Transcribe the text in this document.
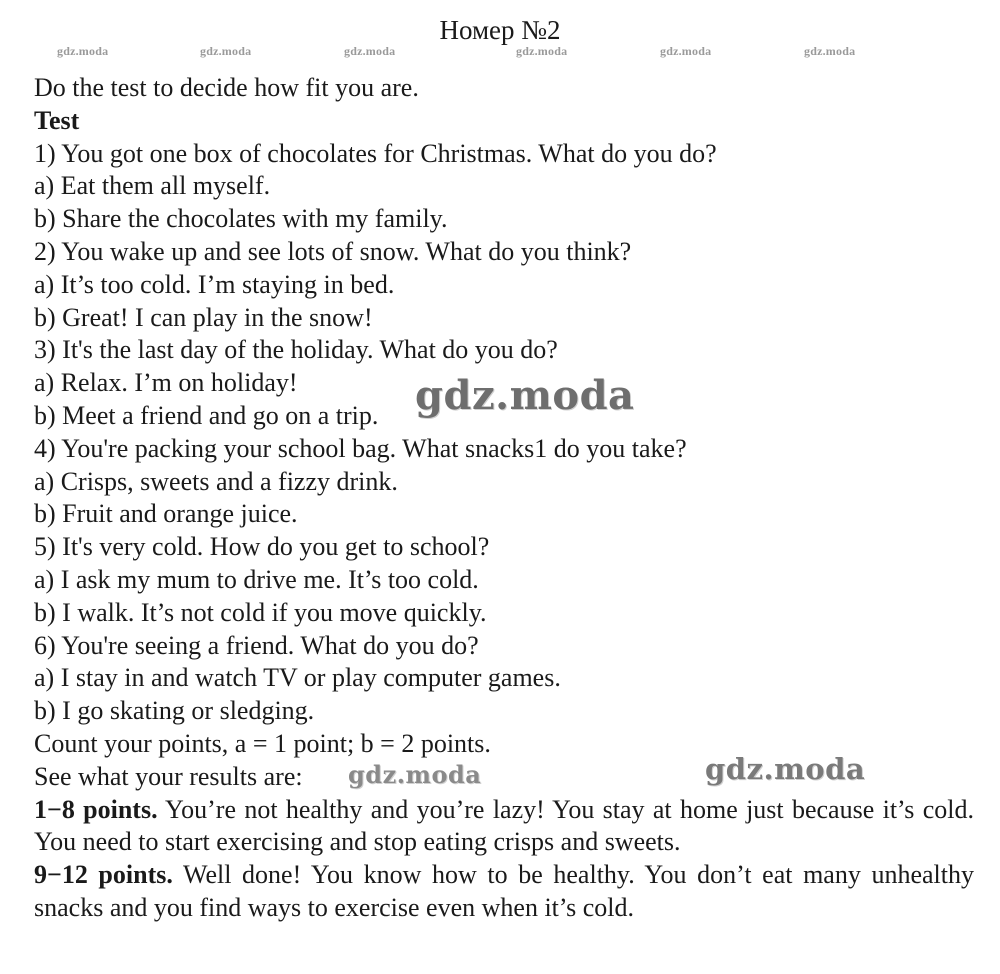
Номер №2
gdz.moda	gdz.moda	gdz.moda	gdz.moda	gdz.moda	gdz.moda
Do the test to decide how fit you are.
Test
1) You got one box of chocolates for Christmas. What do you do?
a) Eat them all myself.
b) Share the chocolates with my family.
2) You wake up and see lots of snow. What do you think?
a) It’s too cold. I’m staying in bed.
b) Great! I can play in the snow!
3) It's the last day of the holiday. What do you do?
a) Relax. I’m on holiday!
b) Meet a friend and go on a trip.
4) You're packing your school bag. What snacks1 do you take?
a) Crisps, sweets and a fizzy drink.
b) Fruit and orange juice.
5) It's very cold. How do you get to school?
a) I ask my mum to drive me. It’s too cold.
b) I walk. It’s not cold if you move quickly.
6) You're seeing a friend. What do you do?
a) I stay in and watch TV or play computer games.
b) I go skating or sledging.
Count your points, a = 1 point; b = 2 points.
See what your results are:
1−8 points. You’re not healthy and you’re lazy! You stay at home just because it’s cold. You need to start exercising and stop eating crisps and sweets.
9−12 points. Well done! You know how to be healthy. You don’t eat many unhealthy snacks and you find ways to exercise even when it’s cold.
gdz.moda
gdz.moda	gdz.moda
